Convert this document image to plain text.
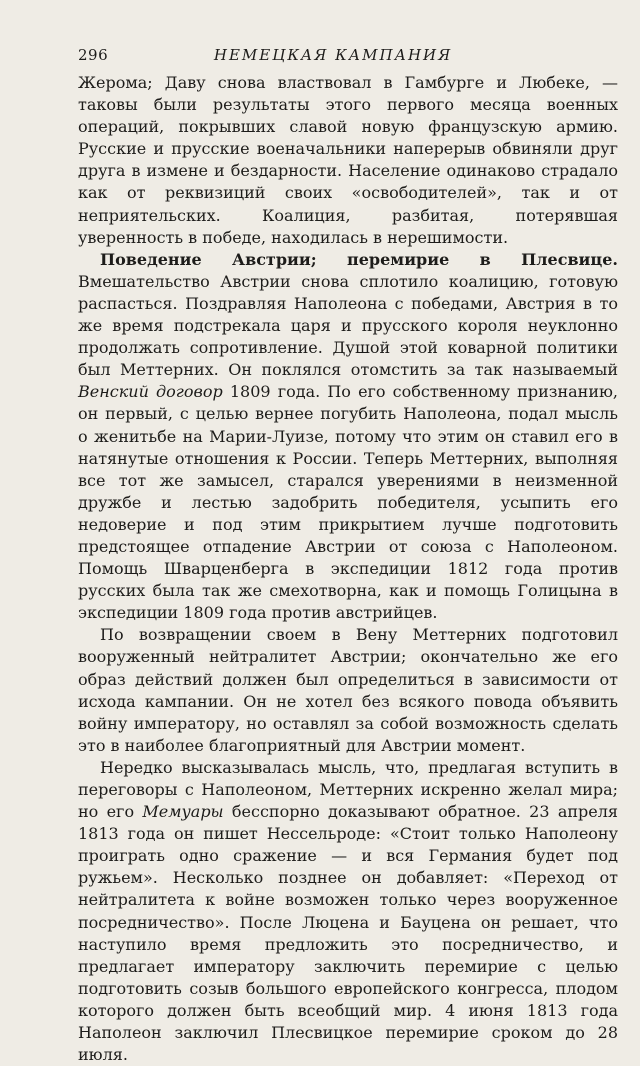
296	НЕМЕЦКАЯ КАМПАНИЯ

Жерома; Даву снова властвовал в Гамбурге и Любеке, — таковы были результаты этого первого месяца военных операций, покрывших славой новую французскую армию. Русские и прусские военачальники наперерыв обвиняли друг друга в измене и бездарности. Население одинаково страдало как от реквизиций своих «освободителей», так и от неприятельских. Коалиция, разбитая, потерявшая уверенность в победе, находилась в нерешимости.

Поведение Австрии; перемирие в Плесвице. Вмешательство Австрии снова сплотило коалицию, готовую распасться. Поздравляя Наполеона с победами, Австрия в то же время подстрекала царя и прусского короля неуклонно продолжать сопротивление. Душой этой коварной политики был Меттерних. Он поклялся отомстить за так называемый Венский договор 1809 года. По его собственному признанию, он первый, с целью вернее погубить Наполеона, подал мысль о женитьбе на Марии-Луизе, потому что этим он ставил его в натянутые отношения к России. Теперь Меттерних, выполняя все тот же замысел, старался уверениями в неизменной дружбе и лестью задобрить победителя, усыпить его недоверие и под этим прикрытием лучше подготовить предстоящее отпадение Австрии от союза с Наполеоном. Помощь Шварценберга в экспедиции 1812 года против русских была так же смехотворна, как и помощь Голицына в экспедиции 1809 года против австрийцев.

По возвращении своем в Вену Меттерних подготовил вооруженный нейтралитет Австрии; окончательно же его образ действий должен был определиться в зависимости от исхода кампании. Он не хотел без всякого повода объявить войну императору, но оставлял за собой возможность сделать это в наиболее благоприятный для Австрии момент.

Нередко высказывалась мысль, что, предлагая вступить в переговоры с Наполеоном, Меттерних искренно желал мира; но его Мемуары бесспорно доказывают обратное. 23 апреля 1813 года он пишет Нессельроде: «Стоит только Наполеону проиграть одно сражение — и вся Германия будет под ружьем». Несколько позднее он добавляет: «Переход от нейтралитета к войне возможен только через вооруженное посредничество». После Люцена и Бауцена он решает, что наступило время предложить это посредничество, и предлагает императору заключить перемирие с целью подготовить созыв большого европейского конгресса, плодом которого должен быть всеобщий мир. 4 июня 1813 года Наполеон заключил Плесвицкое перемирие сроком до 28 июля.
